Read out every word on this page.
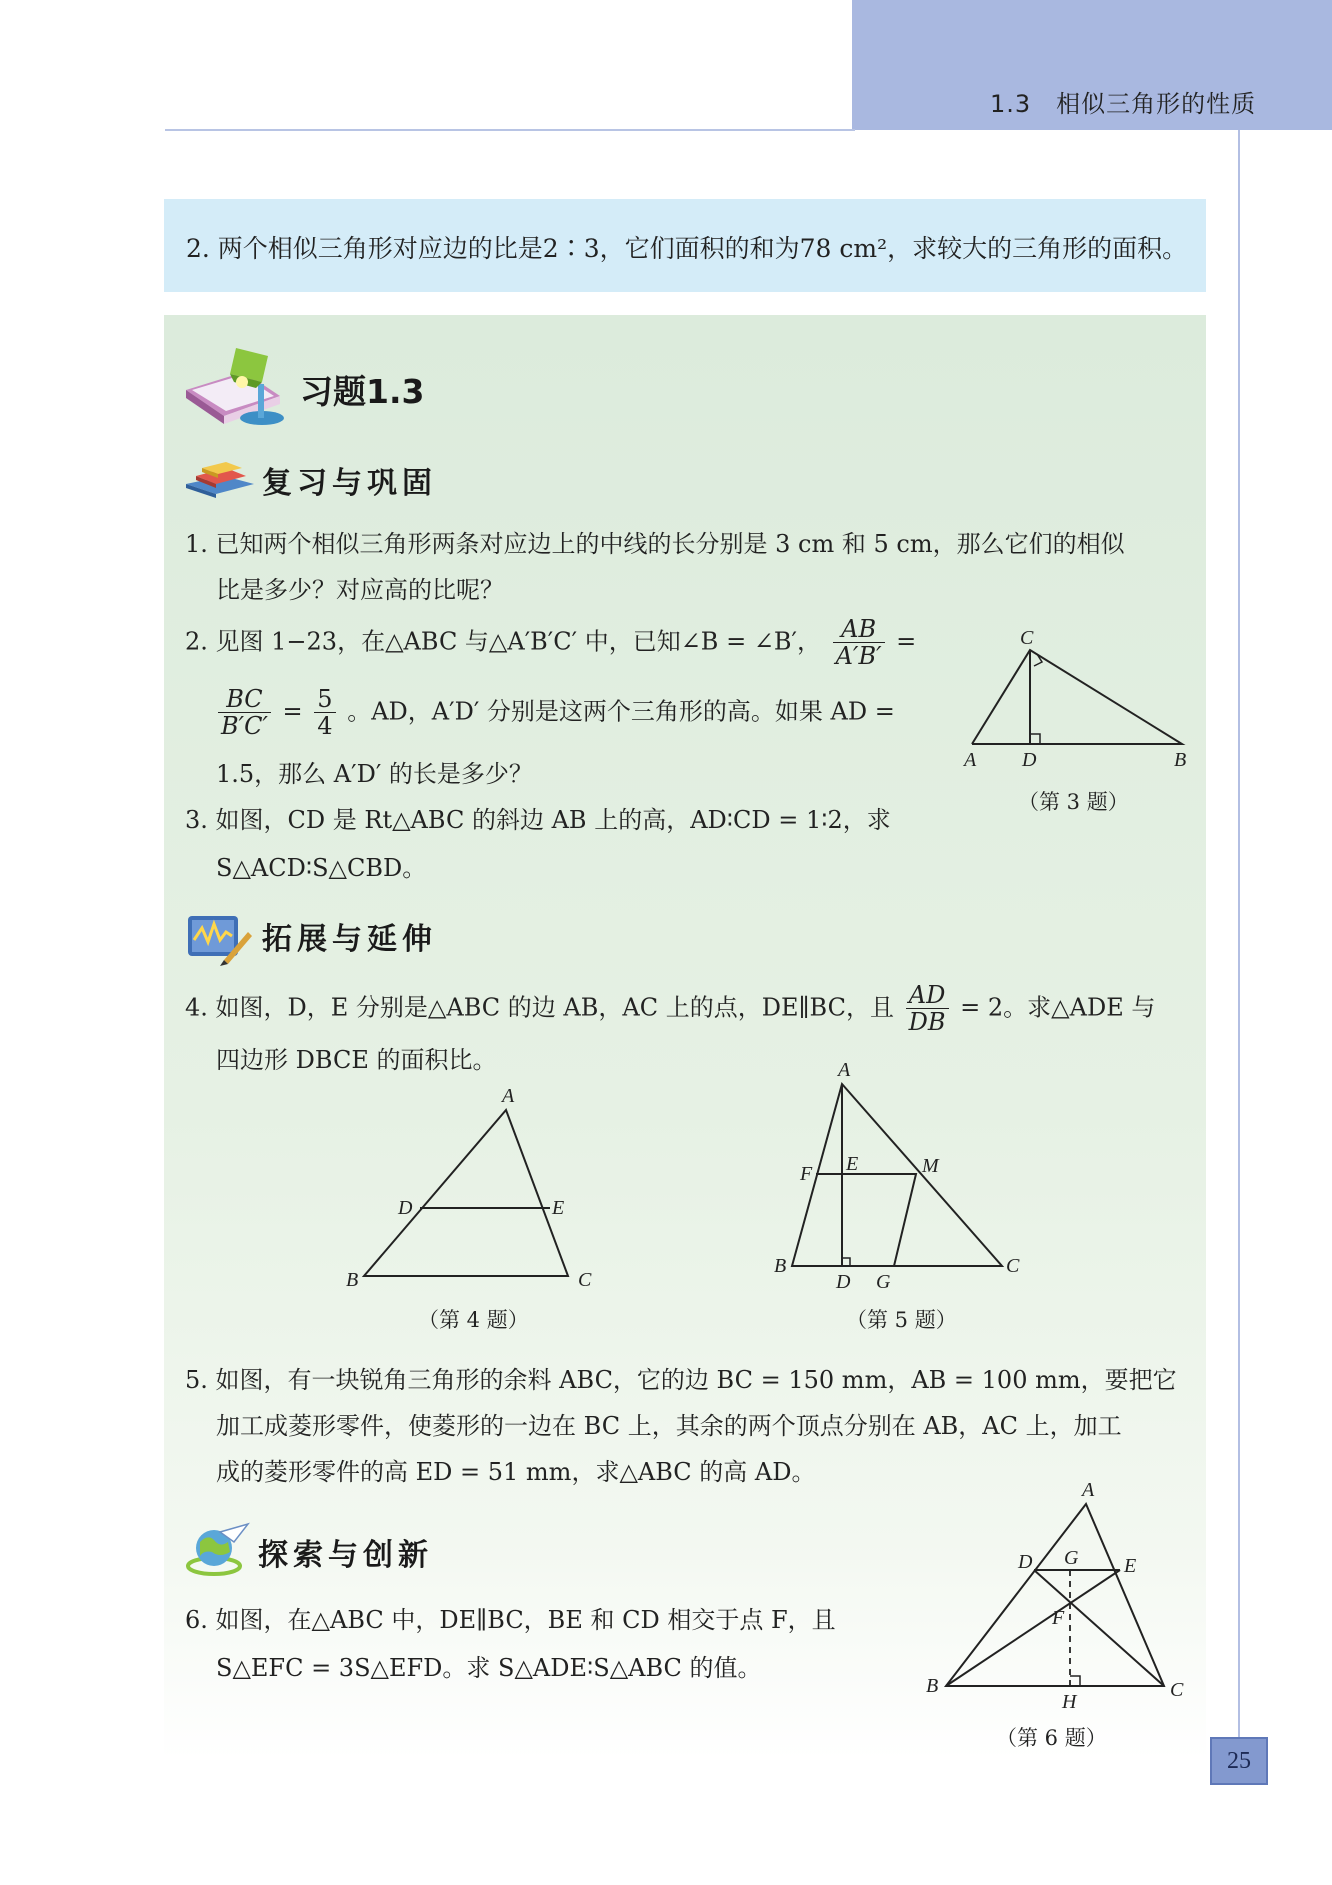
1.3　相似三角形的性质

2. 两个相似三角形对应边的比是2∶3，它们面积的和为78 cm²，求较大的三角形的面积。

习题1.3
复习与巩固
1. 已知两个相似三角形两条对应边上的中线的长分别是 3 cm 和 5 cm，那么它们的相似
比是多少？对应高的比呢？
2. 见图 1−23，在△ABC 与△A′B′C′ 中，已知∠B = ∠B′， $\frac{AB}{A'B'}$ =
$\frac{BC}{B'C'} = \frac{5}{4}$ 。AD，A′D′ 分别是这两个三角形的高。如果 AD =
1.5，那么 A′D′ 的长是多少？
3. 如图，CD 是 Rt△ABC 的斜边 AB 上的高，AD∶CD = 1∶2，求
S△ACD∶S△CBD。
C
A D	B
（第 3 题）
拓展与延伸
4. 如图，D，E 分别是△ABC 的边 AB，AC 上的点，DE∥BC，且 $\frac{AD}{DB} = 2$。求△ADE 与
四边形 DBCE 的面积比。
A
D	E
B	C
（第 4 题）
A
F E	M
B
D G
C
（第 5 题）
5. 如图，有一块锐角三角形的余料 ABC，它的边 BC = 150 mm，AB = 100 mm，要把它
加工成菱形零件，使菱形的一边在 BC 上，其余的两个顶点分别在 AB，AC 上，加工
成的菱形零件的高 ED = 51 mm，求△ABC 的高 AD。
探索与创新
6. 如图，在△ABC 中，DE∥BC，BE 和 CD 相交于点 F，且
S△EFC = 3S△EFD。求 S△ADE∶S△ABC 的值。
A
D G E
F
B
H
C
（第 6 题）
25
